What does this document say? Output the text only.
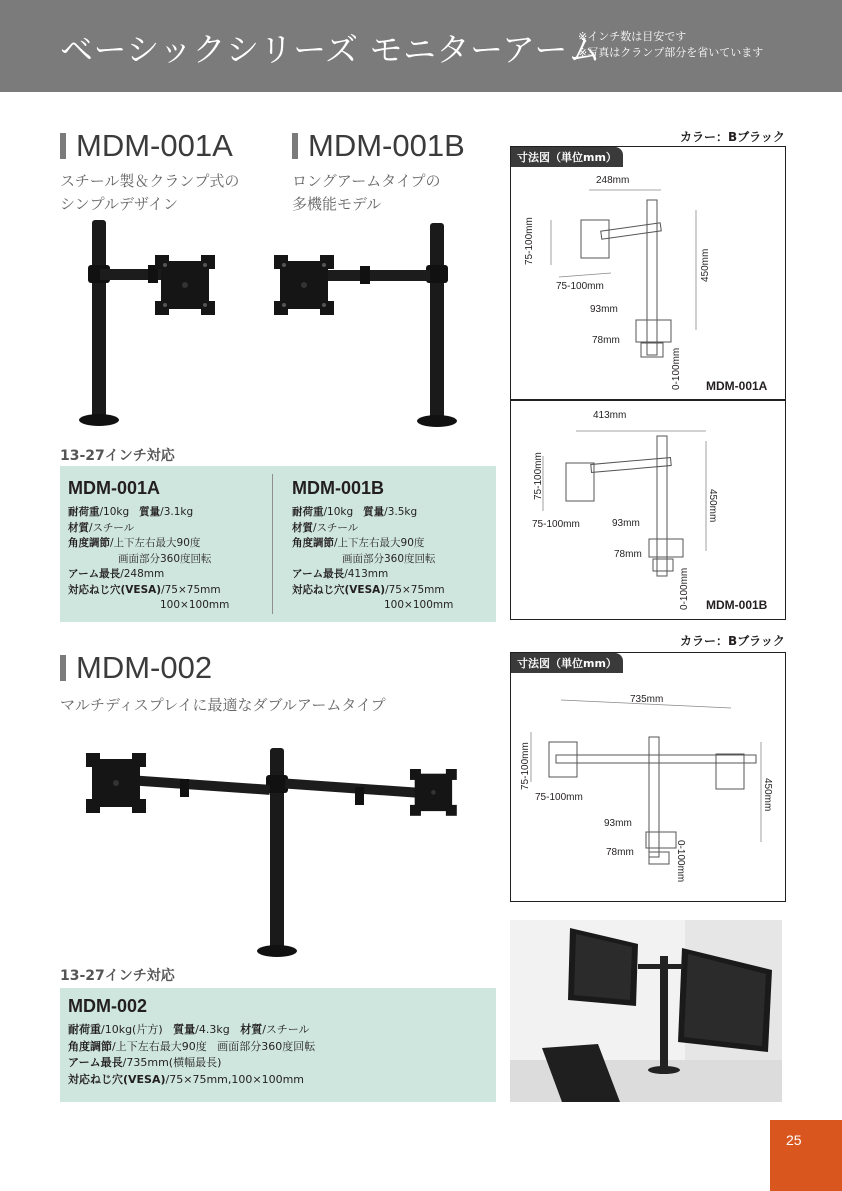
ベーシックシリーズ モニターアーム
※インチ数は目安です
※写真はクランプ部分を省いています
MDM-001A
スチール製＆クランプ式の
シンプルデザイン
MDM-001B
ロングアームタイプの
多機能モデル
13-27インチ対応
MDM-001A
耐荷重/10kg 質量/3.1kg
材質/スチール
角度調節/上下左右最大90度
画面部分360度回転
アーム最長/248mm
対応ねじ穴(VESA)/75×75mm
100×100mm
MDM-001B
耐荷重/10kg 質量/3.5kg
材質/スチール
角度調節/上下左右最大90度
画面部分360度回転
アーム最長/413mm
対応ねじ穴(VESA)/75×75mm
100×100mm
カラー：Bブラック
寸法図（単位mm）
248mm
75-100mm
75-100mm
450mm
93mm
78mm
0-100mm MDM-001A
413mm
75-100mm
75-100mm
450mm
93mm
78mm
0-100mm MDM-001B
MDM-002
マルチディスプレイに最適なダブルアームタイプ
13-27インチ対応
MDM-002
耐荷重/10kg(片方) 質量/4.3kg 材質/スチール
角度調節/上下左右最大90度 画面部分360度回転
アーム最長/735mm(横幅最長)
対応ねじ穴(VESA)/75×75mm,100×100mm
カラー：Bブラック
寸法図（単位mm）
735mm
75-100mm
75-100mm	450mm
93mm
78mm	0-100mm
25
